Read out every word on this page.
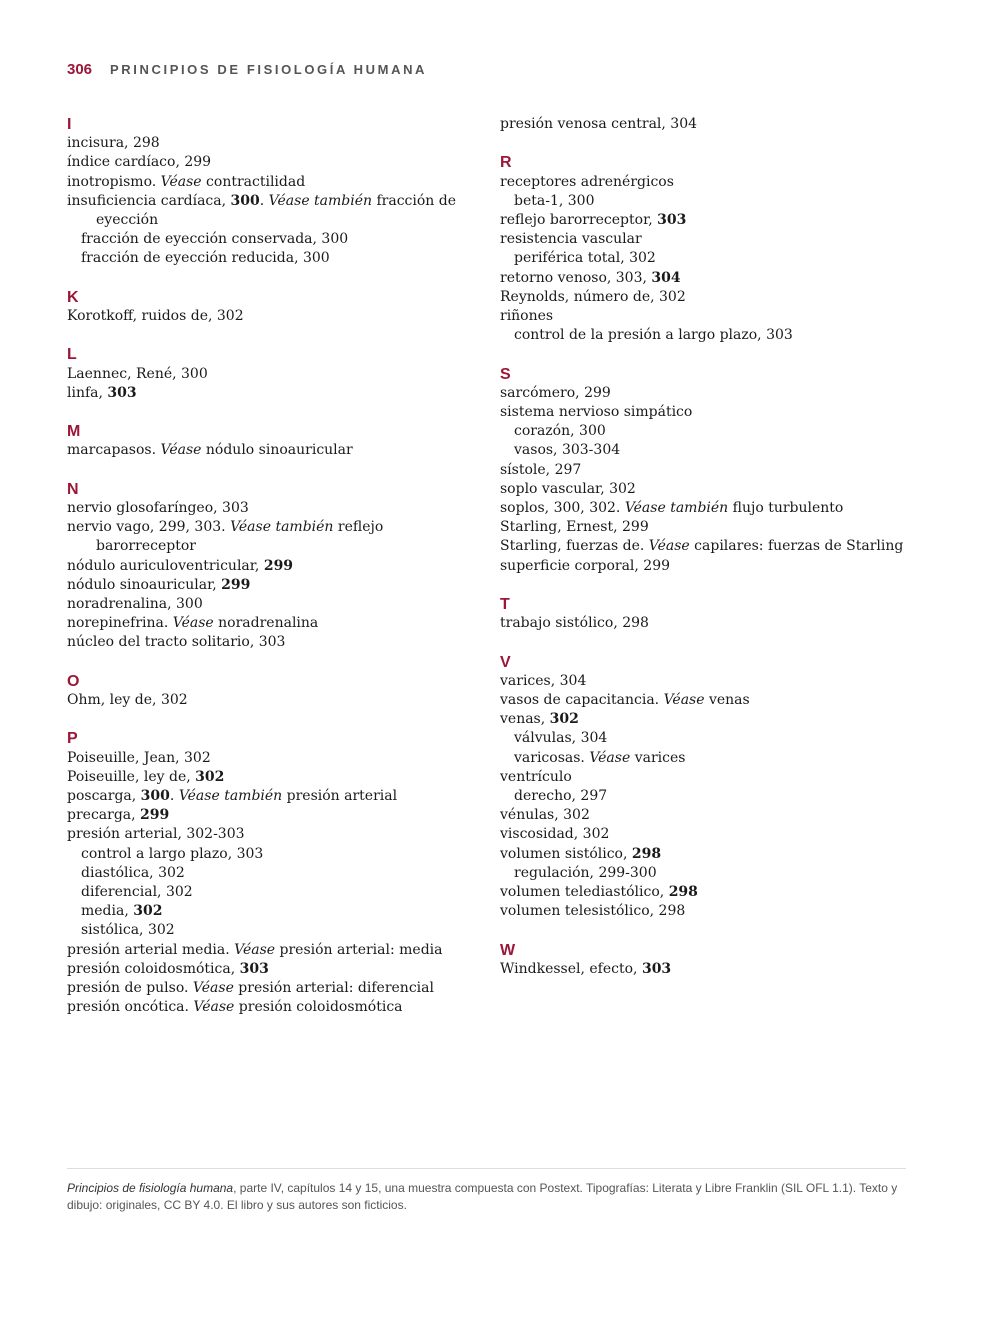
306 PRINCIPIOS DE FISIOLOGÍA HUMANA
I
incisura, 298
índice cardíaco, 299
inotropismo. Véase contractilidad
insuficiencia cardíaca, 300. Véase también fracción de eyección
fracción de eyección conservada, 300
fracción de eyección reducida, 300
K
Korotkoff, ruidos de, 302
L
Laennec, René, 300
linfa, 303
M
marcapasos. Véase nódulo sinoauricular
N
nervio glosofaríngeo, 303
nervio vago, 299, 303. Véase también reflejo barorreceptor
nódulo auriculoventricular, 299
nódulo sinoauricular, 299
noradrenalina, 300
norepinefrina. Véase noradrenalina
núcleo del tracto solitario, 303
O
Ohm, ley de, 302
P
Poiseuille, Jean, 302
Poiseuille, ley de, 302
poscarga, 300. Véase también presión arterial
precarga, 299
presión arterial, 302-303
control a largo plazo, 303
diastólica, 302
diferencial, 302
media, 302
sistólica, 302
presión arterial media. Véase presión arterial: media
presión coloidosmótica, 303
presión de pulso. Véase presión arterial: diferencial
presión oncótica. Véase presión coloidosmótica
presión venosa central, 304
R
receptores adrenérgicos
beta-1, 300
reflejo barorreceptor, 303
resistencia vascular
periférica total, 302
retorno venoso, 303, 304
Reynolds, número de, 302
riñones
control de la presión a largo plazo, 303
S
sarcómero, 299
sistema nervioso simpático
corazón, 300
vasos, 303-304
sístole, 297
soplo vascular, 302
soplos, 300, 302. Véase también flujo turbulento
Starling, Ernest, 299
Starling, fuerzas de. Véase capilares: fuerzas de Starling
superficie corporal, 299
T
trabajo sistólico, 298
V
varices, 304
vasos de capacitancia. Véase venas
venas, 302
válvulas, 304
varicosas. Véase varices
ventrículo
derecho, 297
vénulas, 302
viscosidad, 302
volumen sistólico, 298
regulación, 299-300
volumen telediastólico, 298
volumen telesistólico, 298
W
Windkessel, efecto, 303
Principios de fisiología humana, parte IV, capítulos 14 y 15, una muestra compuesta con Postext. Tipografías: Literata y Libre Franklin (SIL OFL 1.1). Texto y dibujo: originales, CC BY 4.0. El libro y sus autores son ficticios.
